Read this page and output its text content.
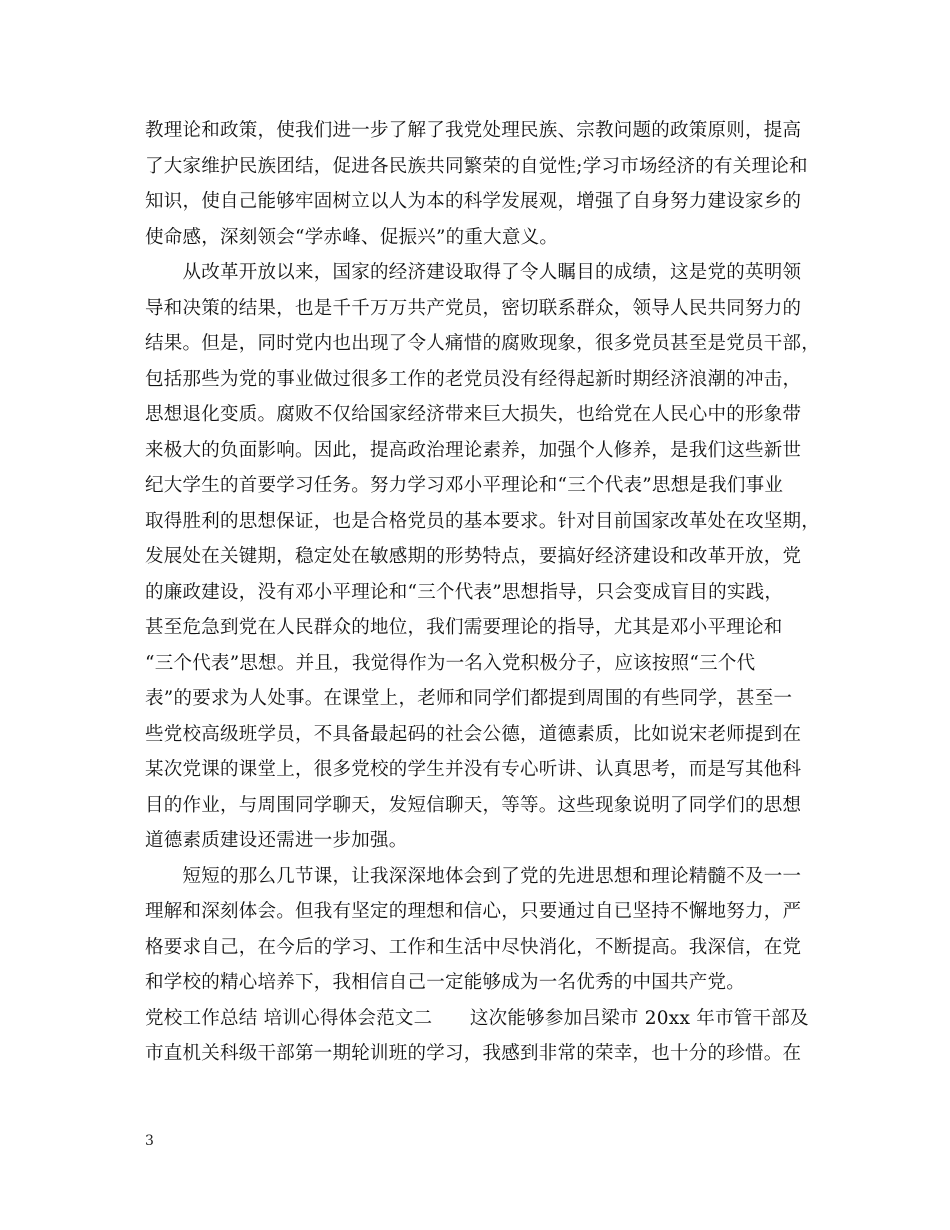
教理论和政策，使我们进一步了解了我党处理民族、宗教问题的政策原则，提高
了大家维护民族团结，促进各民族共同繁荣的自觉性;学习市场经济的有关理论和
知识，使自己能够牢固树立以人为本的科学发展观，增强了自身努力建设家乡的
使命感，深刻领会“学赤峰、促振兴”的重大意义。
　　从改革开放以来，国家的经济建设取得了令人瞩目的成绩，这是党的英明领
导和决策的结果，也是千千万万共产党员，密切联系群众，领导人民共同努力的
结果。但是，同时党内也出现了令人痛惜的腐败现象，很多党员甚至是党员干部，
包括那些为党的事业做过很多工作的老党员没有经得起新时期经济浪潮的冲击，
思想退化变质。腐败不仅给国家经济带来巨大损失，也给党在人民心中的形象带
来极大的负面影响。因此，提高政治理论素养，加强个人修养，是我们这些新世
纪大学生的首要学习任务。努力学习邓小平理论和“三个代表”思想是我们事业
取得胜利的思想保证，也是合格党员的基本要求。针对目前国家改革处在攻坚期，
发展处在关键期，稳定处在敏感期的形势特点，要搞好经济建设和改革开放，党
的廉政建设，没有邓小平理论和“三个代表”思想指导，只会变成盲目的实践，
甚至危急到党在人民群众的地位，我们需要理论的指导，尤其是邓小平理论和
“三个代表”思想。并且，我觉得作为一名入党积极分子，应该按照“三个代
表”的要求为人处事。在课堂上，老师和同学们都提到周围的有些同学，甚至一
些党校高级班学员，不具备最起码的社会公德，道德素质，比如说宋老师提到在
某次党课的课堂上，很多党校的学生并没有专心听讲、认真思考，而是写其他科
目的作业，与周围同学聊天，发短信聊天，等等。这些现象说明了同学们的思想
道德素质建设还需进一步加强。
　　短短的那么几节课，让我深深地体会到了党的先进思想和理论精髓不及一一
理解和深刻体会。但我有坚定的理想和信心，只要通过自已坚持不懈地努力，严
格要求自己，在今后的学习、工作和生活中尽快消化，不断提高。我深信，在党
和学校的精心培养下，我相信自己一定能够成为一名优秀的中国共产党。
党校工作总结 培训心得体会范文二　　这次能够参加吕梁市 20xx 年市管干部及
市直机关科级干部第一期轮训班的学习，我感到非常的荣幸，也十分的珍惜。在
3
